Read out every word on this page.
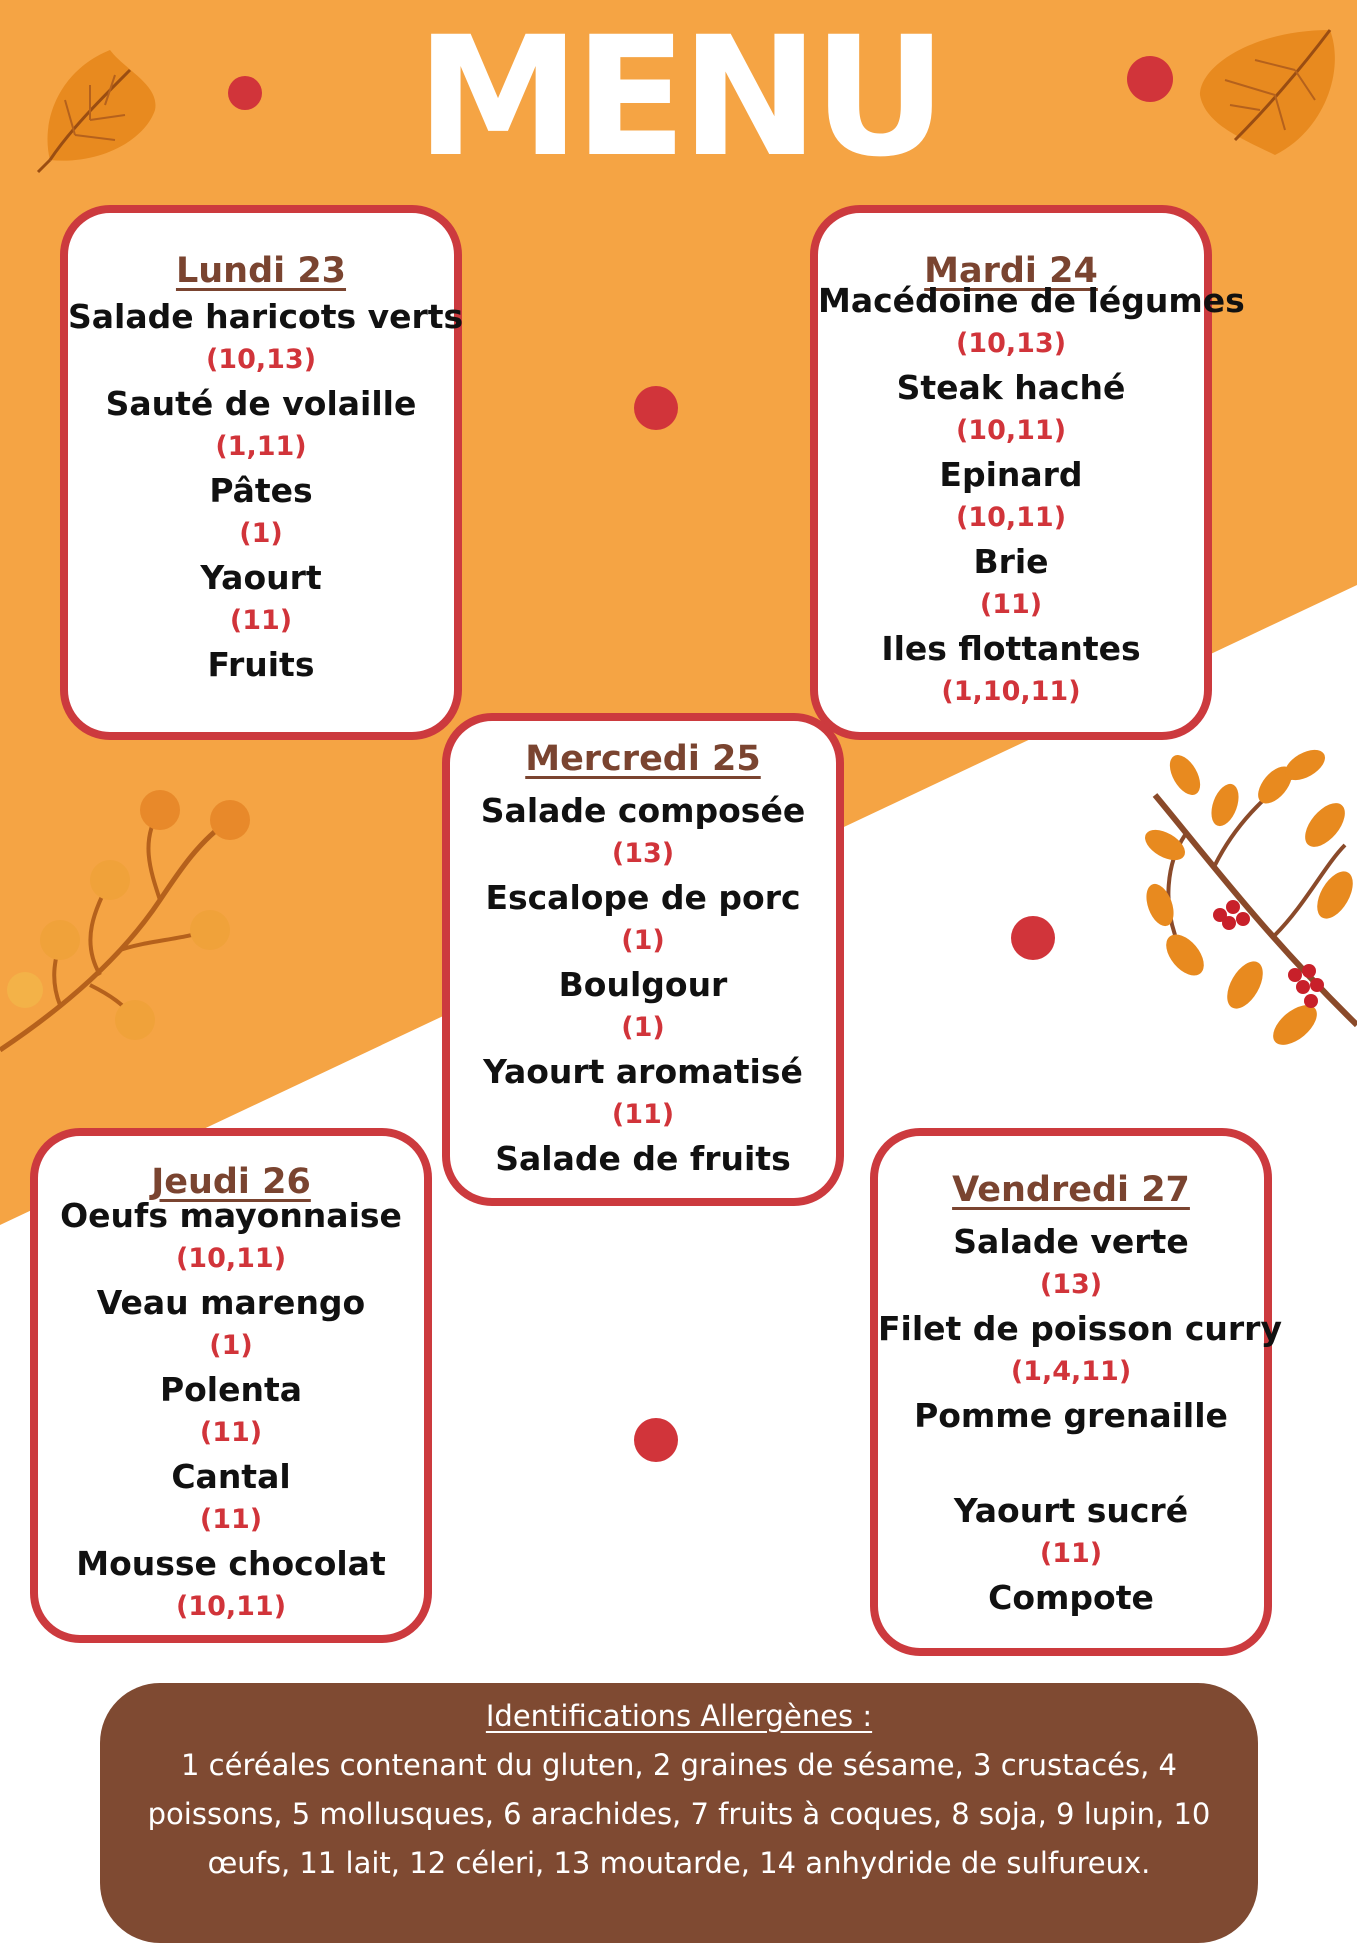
MENU
Lundi 23
Salade haricots verts
(10,13)
Sauté de volaille
(1,11)
Pâtes
(1)
Yaourt
(11)
Fruits
Mardi 24
Macédoine de légumes
(10,13)
Steak haché
(10,11)
Epinard
(10,11)
Brie
(11)
Iles flottantes
(1,10,11)
Mercredi 25
Salade composée
(13)
Escalope de porc
(1)
Boulgour
(1)
Yaourt aromatisé
(11)
Salade de fruits
Jeudi 26
Oeufs mayonnaise
(10,11)
Veau marengo
(1)
Polenta
(11)
Cantal
(11)
Mousse chocolat
(10,11)
Vendredi 27
Salade verte
(13)
Filet de poisson curry
(1,4,11)
Pomme grenaille
Yaourt sucré
(11)
Compote
Identifications Allergènes :
1 céréales contenant du gluten, 2 graines de sésame, 3 crustacés, 4 poissons, 5 mollusques, 6 arachides, 7 fruits à coques, 8 soja, 9 lupin, 10 œufs, 11 lait, 12 céleri, 13 moutarde, 14 anhydride de sulfureux.
